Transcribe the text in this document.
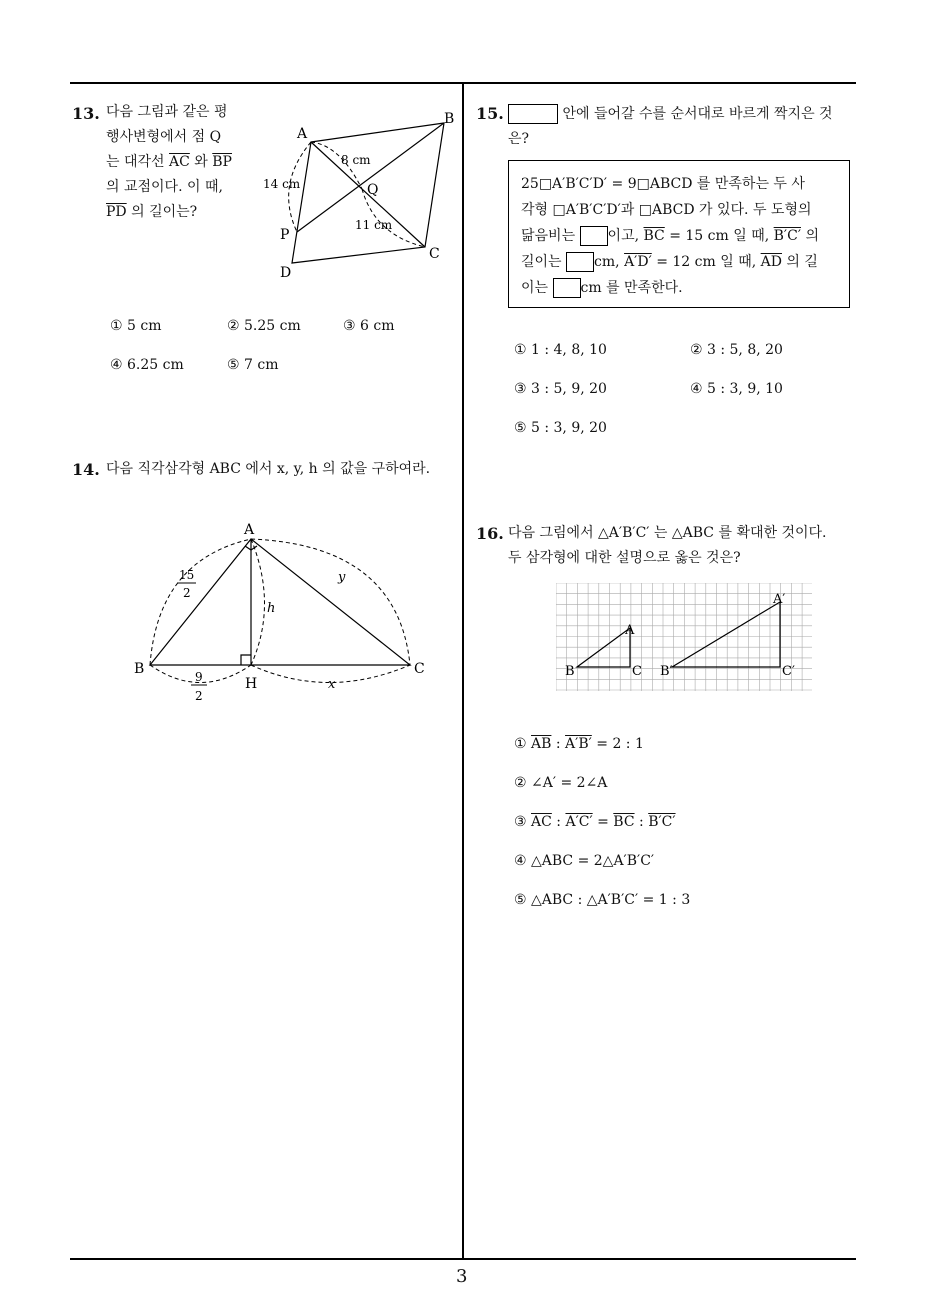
3
13. 다음 그림과 같은 평
행사변형에서 점 Q
는 대각선 $\overline{AC}$ 와 $\overline{BP}$
의 교점이다. 이 때,
$\overline{PD}$ 의 길이는?
A
B
C
D
P
Q
8 cm
14 cm
11 cm
① 5 cm	② 5.25 cm	③ 6 cm
④ 6.25 cm	⑤ 7 cm
14. 다음 직각삼각형 ABC 에서 x, y, h 의 값을 구하여라.
A
B	C
H
y
h
x
15
2
9
2
15.	안에 들어갈 수를 순서대로 바르게 짝지은 것
은?
25□A′B′C′D′ = 9□ABCD 를 만족하는 두 사
각형 □A′B′C′D′과 □ABCD 가 있다. 두 도형의
닮음비는 이고, $\overline{BC} = 15$ cm 일 때, B′C′ 의
길이는 cm, A′D′ = 12 cm 일 때, $\overline{AD}$ 의 길
이는 cm 를 만족한다.
① 1 : 4, 8, 10	② 3 : 5, 8, 20
③ 3 : 5, 9, 20	④ 5 : 3, 9, 10
⑤ 5 : 3, 9, 20
16. 다음 그림에서 △A′B′C′ 는 △ABC 를 확대한 것이다.
두 삼각형에 대한 설명으로 옳은 것은?
A
B	C
A′
B′	C′
① $\overline{AB}$ : A′B′ = 2 : 1
② ∠A′ = 2∠A
③ $\overline{AC}$ : $A'C' = \overline{BC}$ : B′C′
④ △ABC = 2△A′B′C′
⑤ △ABC : △A′B′C′ = 1 : 3
